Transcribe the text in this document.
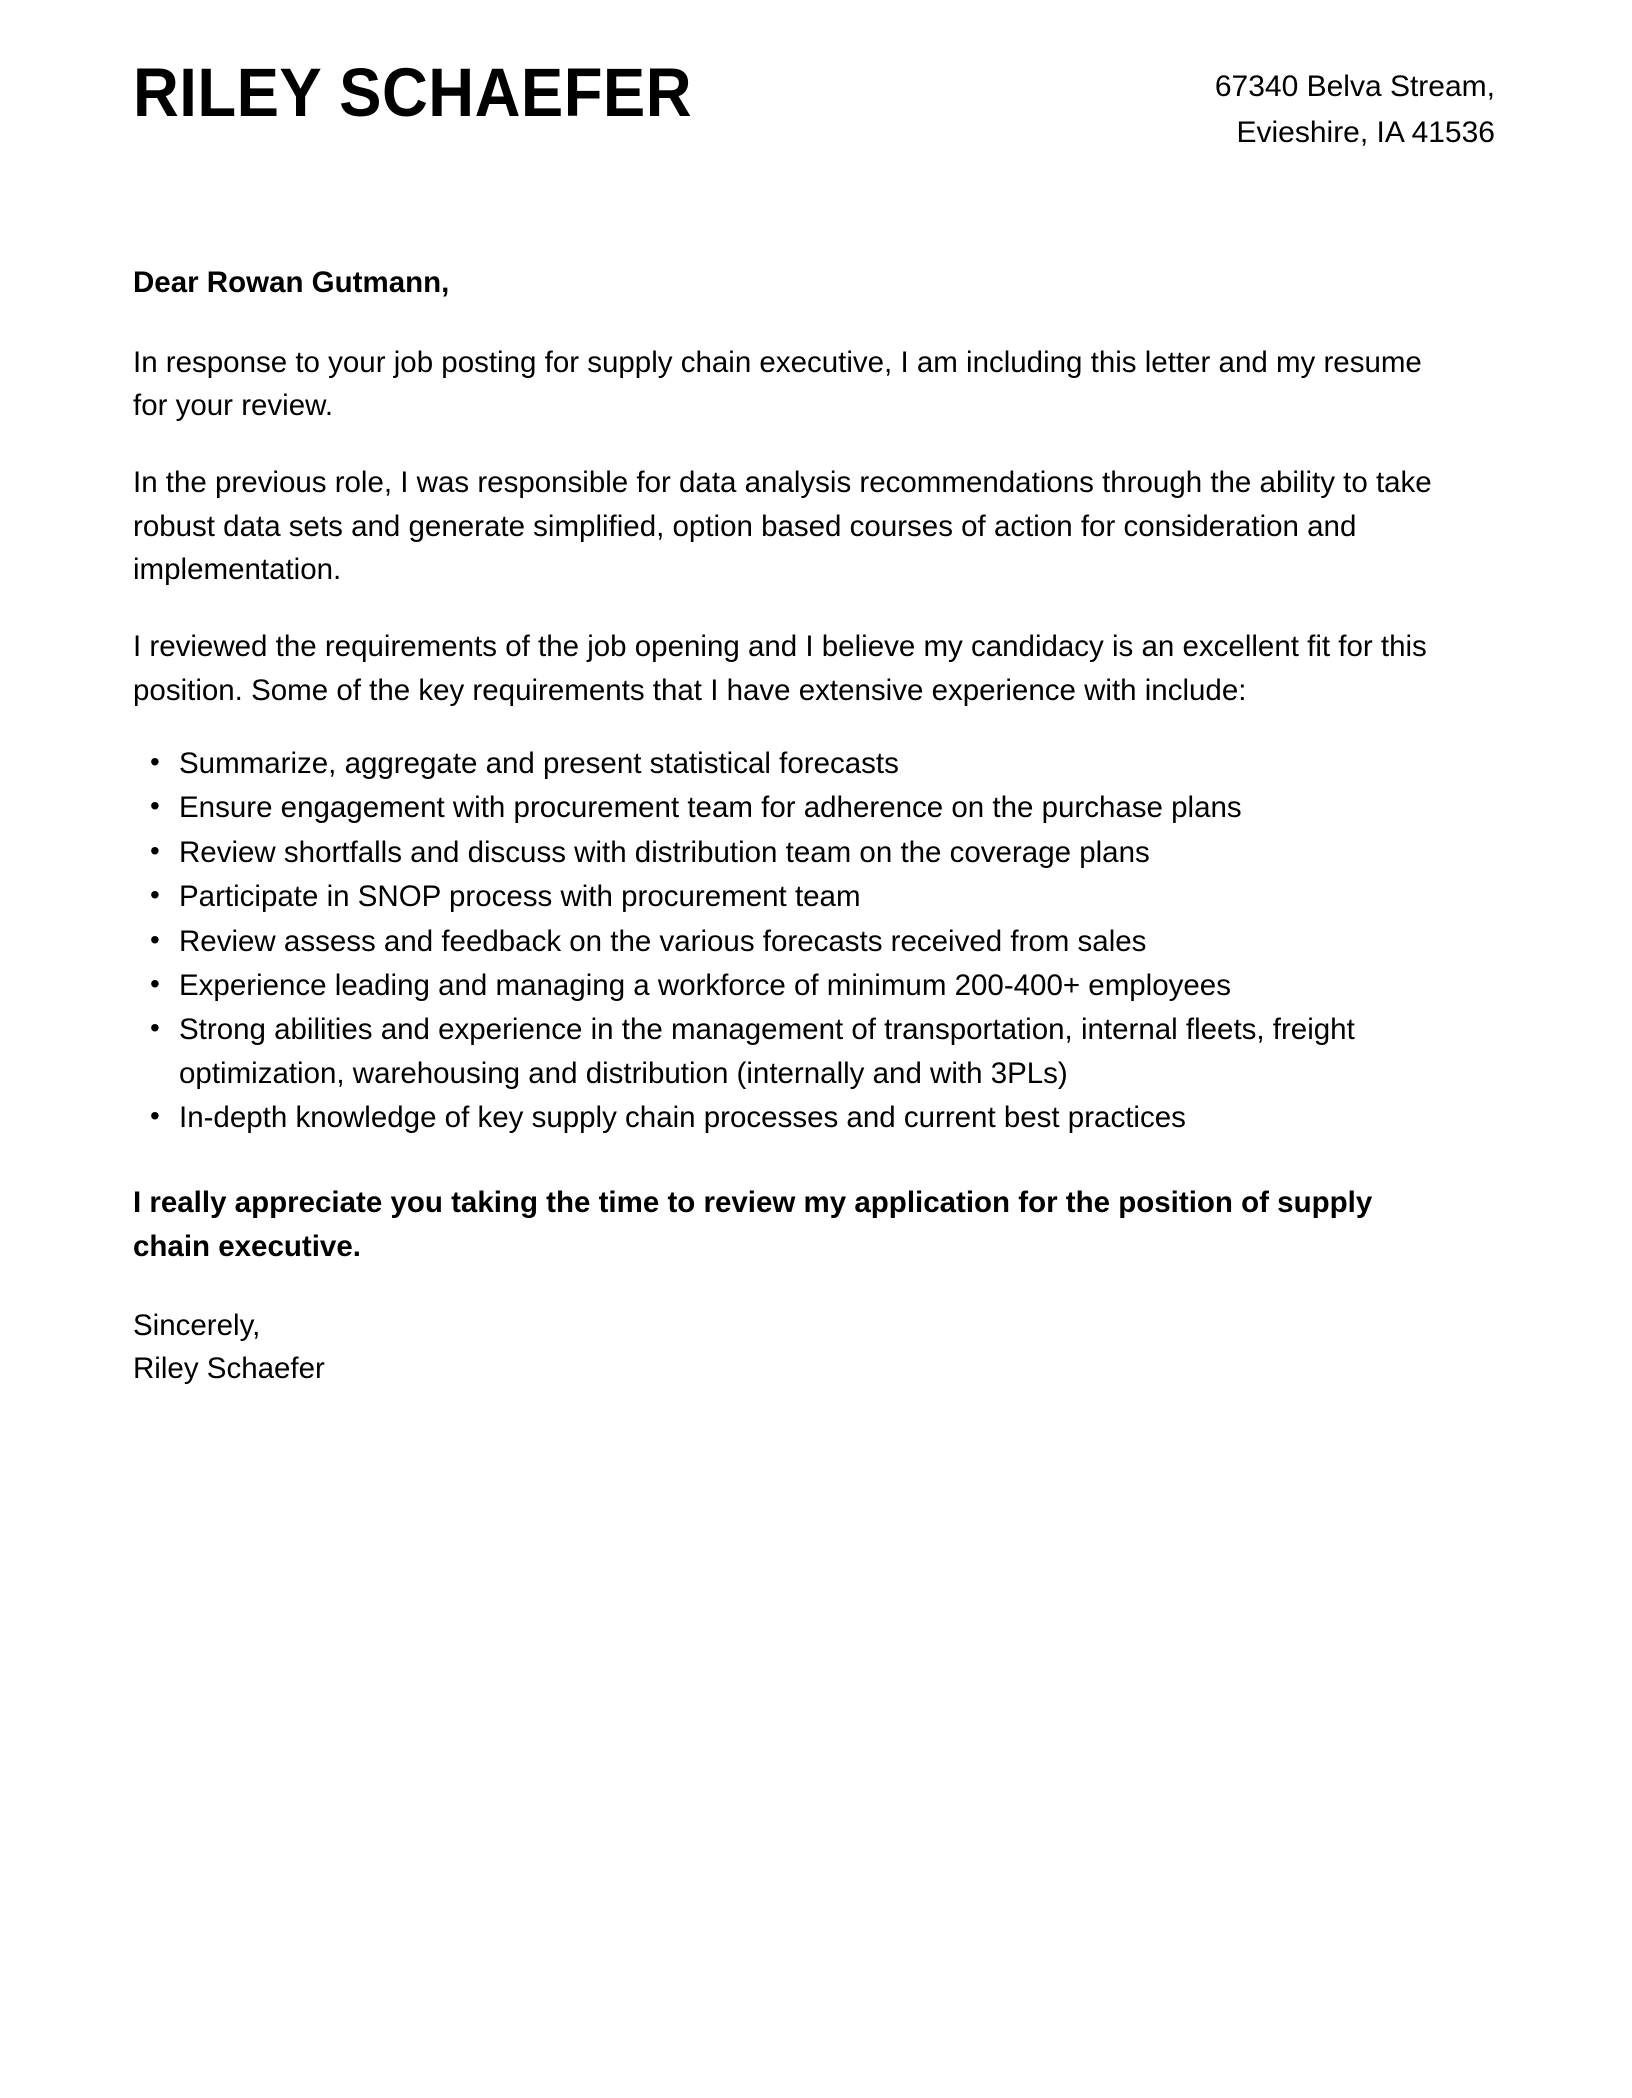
RILEY SCHAEFER	67340 Belva Stream,
Evieshire, IA 41536

Dear Rowan Gutmann,

In response to your job posting for supply chain executive, I am including this letter and my resume for your review.

In the previous role, I was responsible for data analysis recommendations through the ability to take robust data sets and generate simplified, option based courses of action for consideration and implementation.

I reviewed the requirements of the job opening and I believe my candidacy is an excellent fit for this position. Some of the key requirements that I have extensive experience with include:

• Summarize, aggregate and present statistical forecasts
• Ensure engagement with procurement team for adherence on the purchase plans
• Review shortfalls and discuss with distribution team on the coverage plans
• Participate in SNOP process with procurement team
• Review assess and feedback on the various forecasts received from sales
• Experience leading and managing a workforce of minimum 200-400+ employees
• Strong abilities and experience in the management of transportation, internal fleets, freight optimization, warehousing and distribution (internally and with 3PLs)
• In-depth knowledge of key supply chain processes and current best practices

I really appreciate you taking the time to review my application for the position of supply chain executive.

Sincerely,
Riley Schaefer
